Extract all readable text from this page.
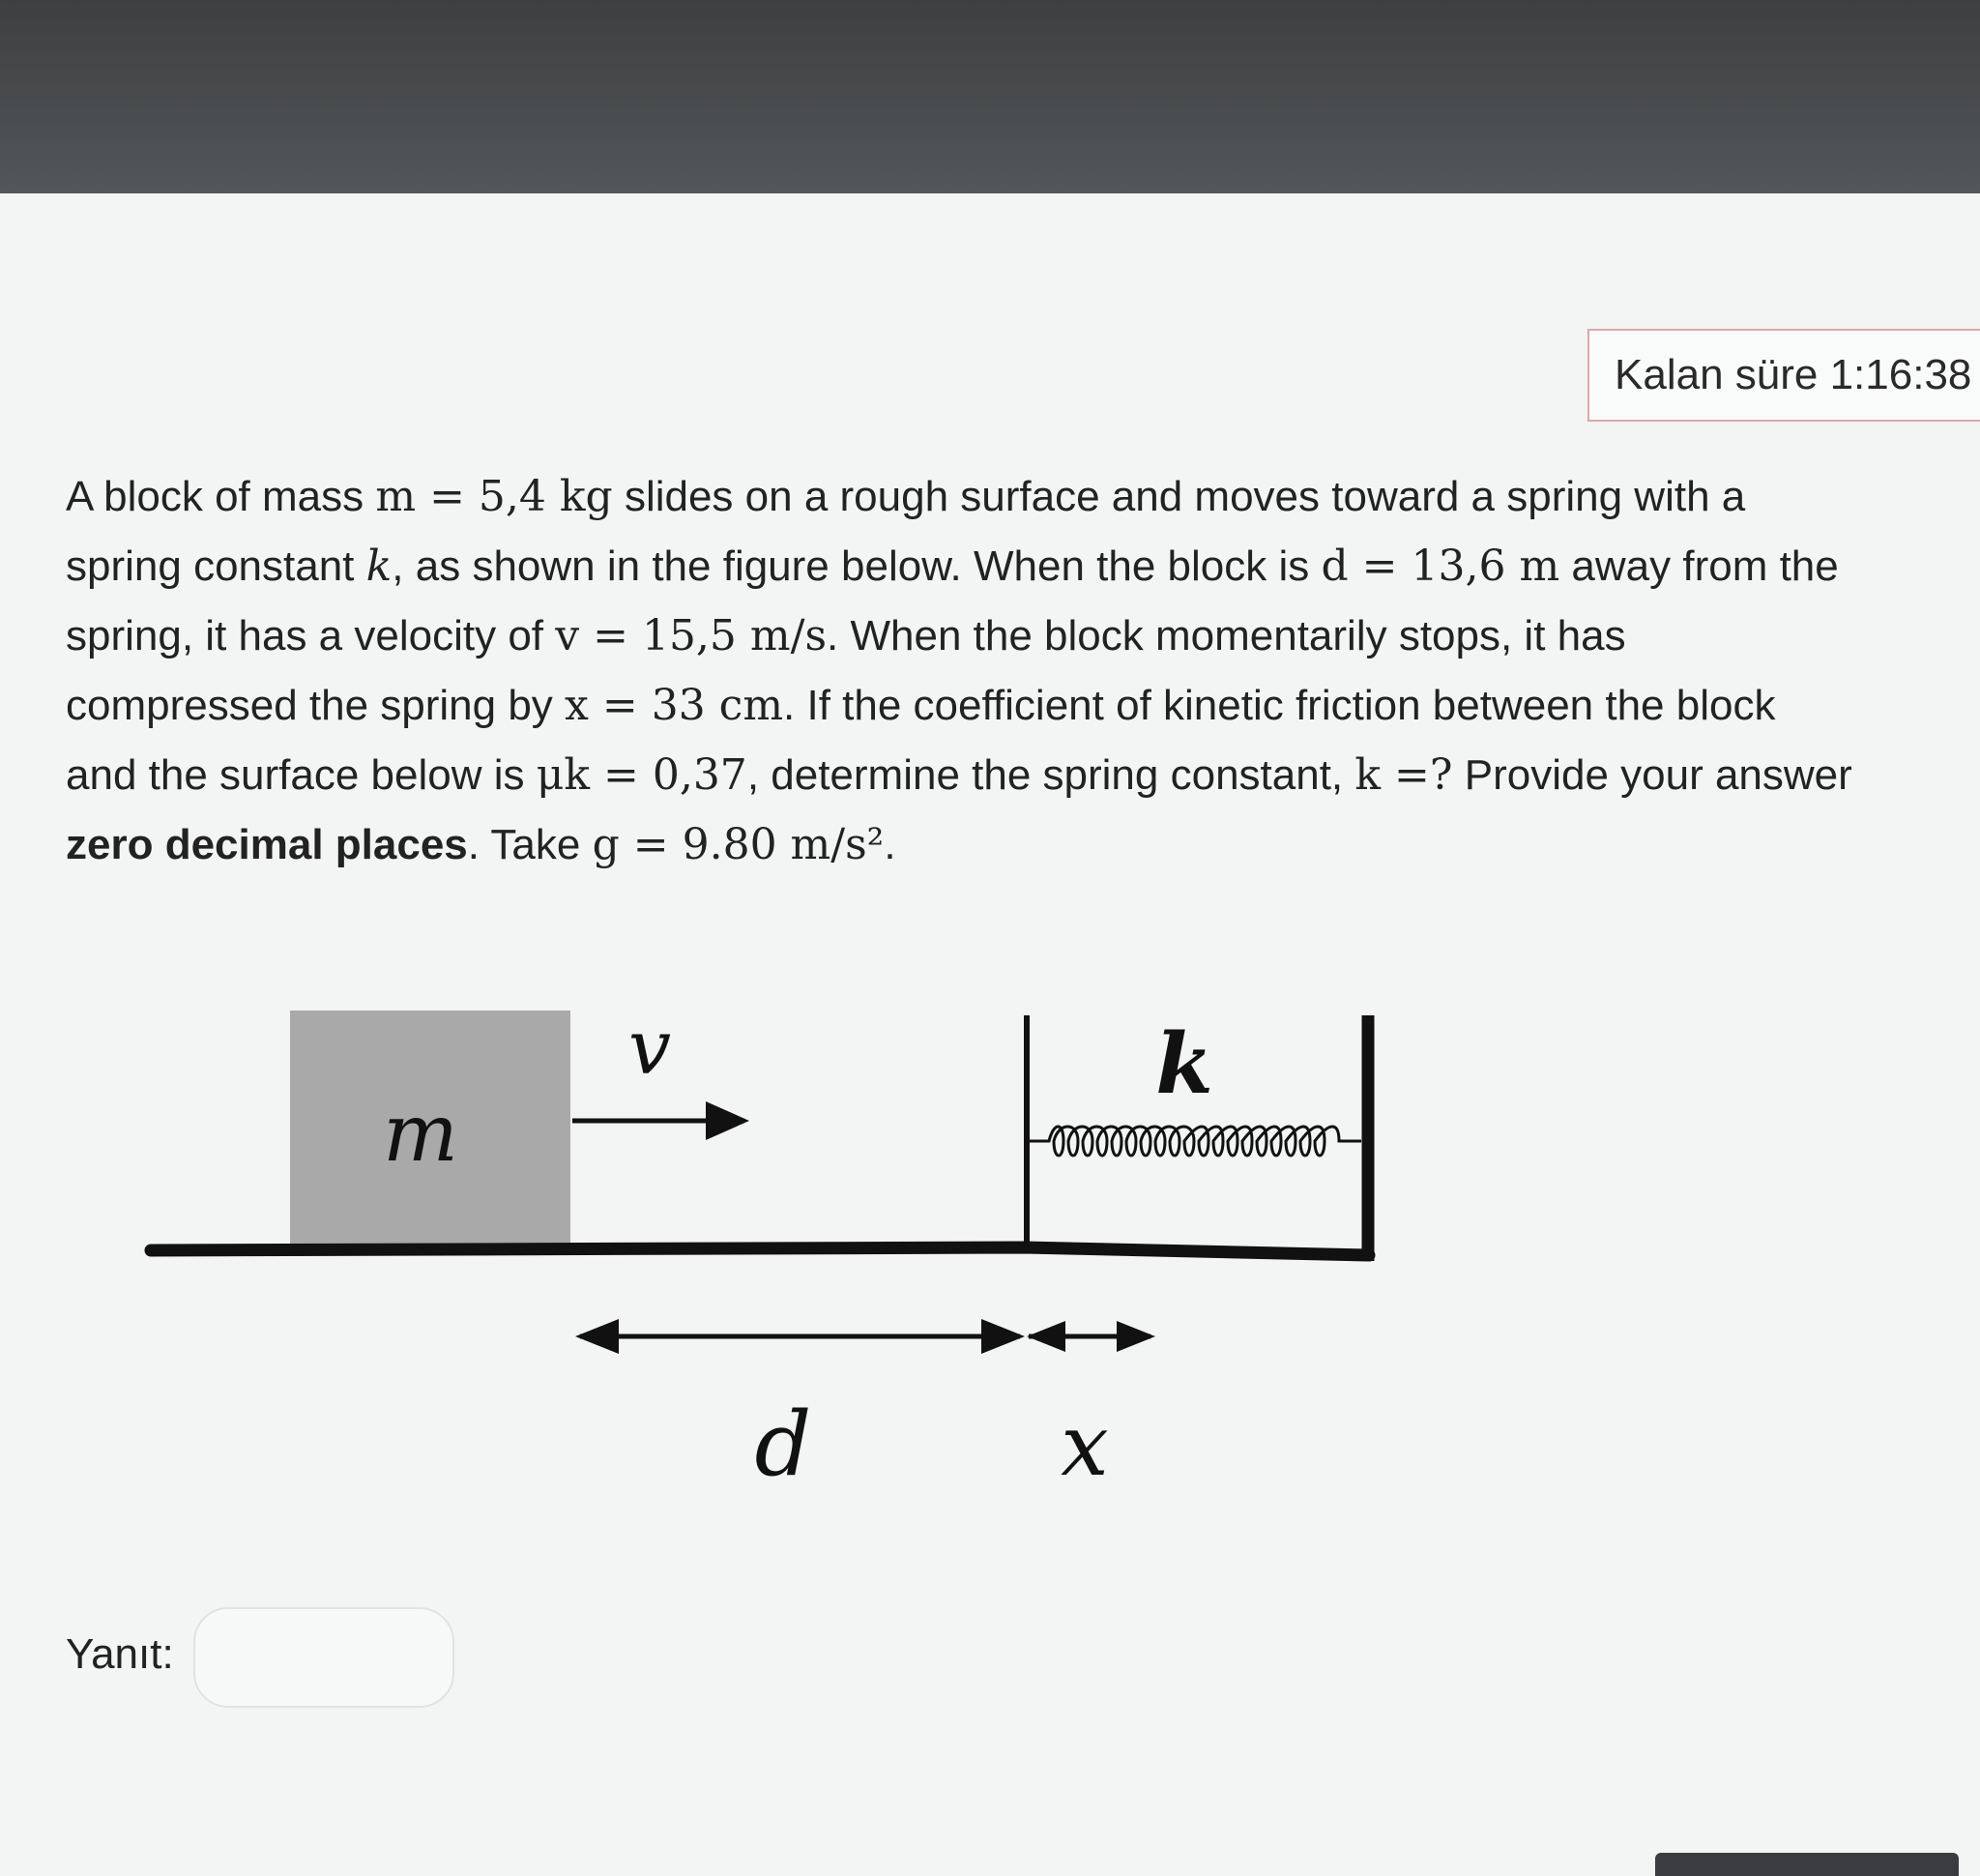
Kalan süre 1:16:38

A block of mass m = 5,4 kg slides on a rough surface and moves toward a spring with a

spring constant k, as shown in the figure below. When the block is d = 13,6 m away from the

spring, it has a velocity of v = 15,5 m/s. When the block momentarily stops, it has

compressed the spring by x = 33 cm. If the coefficient of kinetic friction between the block

and the surface below is μk = 0,37, determine the spring constant, k =? Provide your answer

zero decimal places. Take g = 9.80 m/s².

m
v	k
d	x
Yanıt:
